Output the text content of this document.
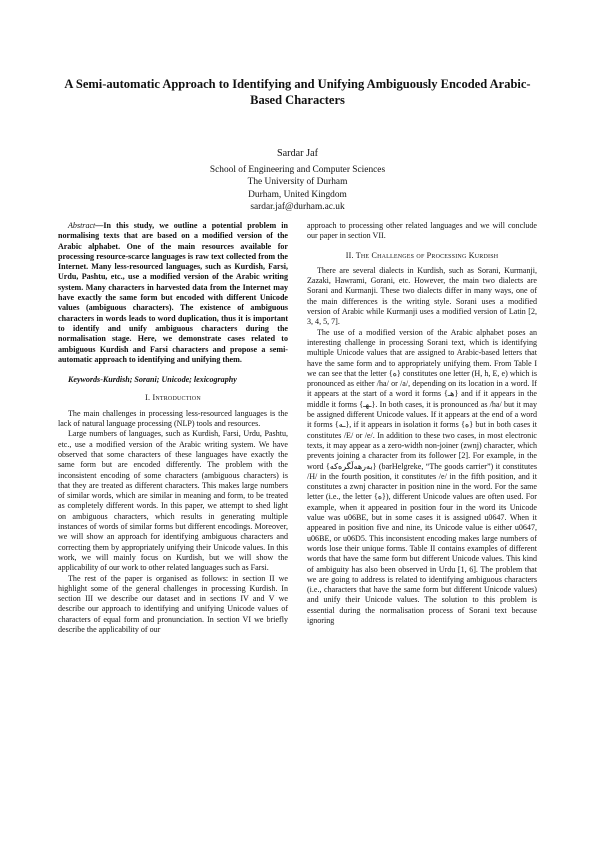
A Semi-automatic Approach to Identifying and Unifying Ambiguously Encoded Arabic-Based Characters
Sardar Jaf
School of Engineering and Computer Sciences
The University of Durham
Durham, United Kingdom
sardar.jaf@durham.ac.uk

Abstract—In this study, we outline a potential problem in normalising texts that are based on a modified version of the Arabic alphabet. One of the main resources available for processing resource-scarce languages is raw text collected from the Internet. Many less-resourced languages, such as Kurdish, Farsi, Urdu, Pashtu, etc., use a modified version of the Arabic writing system. Many characters in harvested data from the Internet may have exactly the same form but encoded with different Unicode values (ambiguous characters). The existence of ambiguous characters in words leads to word duplication, thus it is important to identify and unify ambiguous characters during the normalisation stage. Here, we demonstrate cases related to ambiguous Kurdish and Farsi characters and propose a semi-automatic approach to identifying and unifying them.

Keywords-Kurdish; Sorani; Unicode; lexicography

I. Introduction

The main challenges in processing less-resourced languages is the lack of natural language processing (NLP) tools and resources.

Large numbers of languages, such as Kurdish, Farsi, Urdu, Pashtu, etc., use a modified version of the Arabic writing system. We have observed that some characters of these languages have exactly the same form but are encoded differently. The problem with the inconsistent encoding of some characters (ambiguous characters) is that they are treated as different characters. This makes large numbers of similar words, which are similar in meaning and form, to be treated as completely different words. In this paper, we attempt to shed light on ambiguous characters, which results in generating multiple instances of words of similar forms but different encodings. Moreover, we will show an approach for identifying ambiguous characters and correcting them by appropriately unifying their Unicode values. In this work, we will mainly focus on Kurdish, but we will show the applicability of our work to other related languages such as Farsi.

The rest of the paper is organised as follows: in section II we highlight some of the general challenges in processing Kurdish. In section III we describe our dataset and in sections IV and V we describe our approach to identifying and unifying Unicode values of characters of equal form and pronunciation. In section VI we briefly describe the applicability of our

approach to processing other related languages and we will conclude our paper in section VII.

II. The Challenges of Processing Kurdish

There are several dialects in Kurdish, such as Sorani, Kurmanji, Zazaki, Hawrami, Gorani, etc. However, the main two dialects are Sorani and Kurmanji. These two dialects differ in many ways, one of the main differences is the writing style. Sorani uses a modified version of Arabic while Kurmanji uses a modified version of Latin [2, 3, 4, 5, 7].

The use of a modified version of the Arabic alphabet poses an interesting challenge in processing Sorani text, which is identifying multiple Unicode values that are assigned to Arabic-based letters that have the same form and to appropriately unifying them. From Table I we can see that the letter {ه} constitutes one letter (H, h, E, e) which is pronounced as either /ha/ or /a/, depending on its location in a word. If it appears at the start of a word it forms {هـ} and if it appears in the middle it forms {ـهـ}. In both cases, it is pronounced as /ha/ but it may be assigned different Unicode values. If it appears at the end of a word it forms {ـه}, if it appears in isolation it forms {ه} but in both cases it constitutes /E/ or /e/. In addition to these two cases, in most electronic texts, it may appear as a zero-width non-joiner (zwnj) character, which prevents joining a character from its follower [2]. For example, in the word {بەرهەڵگرەکە} (barHelgreke, “The goods carrier”) it constitutes /H/ in the fourth position, it constitutes /e/ in the fifth position, and it constitutes a zwnj character in position nine in the word. For the same letter (i.e., the letter {ه}), different Unicode values are often used. For example, when it appeared in position four in the word its Unicode value was u06BE, but in some cases it is assigned u0647. When it appeared in position five and nine, its Unicode value is either u0647, u06BE, or u06D5. This inconsistent encoding makes large numbers of words lose their unique forms. Table II contains examples of different words that have the same form but different Unicode values. This kind of ambiguity has also been observed in Urdu [1, 6]. The problem that we are going to address is related to identifying ambiguous characters (i.e., characters that have the same form but different Unicode values) and unify their Unicode values. The solution to this problem is essential during the normalisation process of Sorani text because ignoring
